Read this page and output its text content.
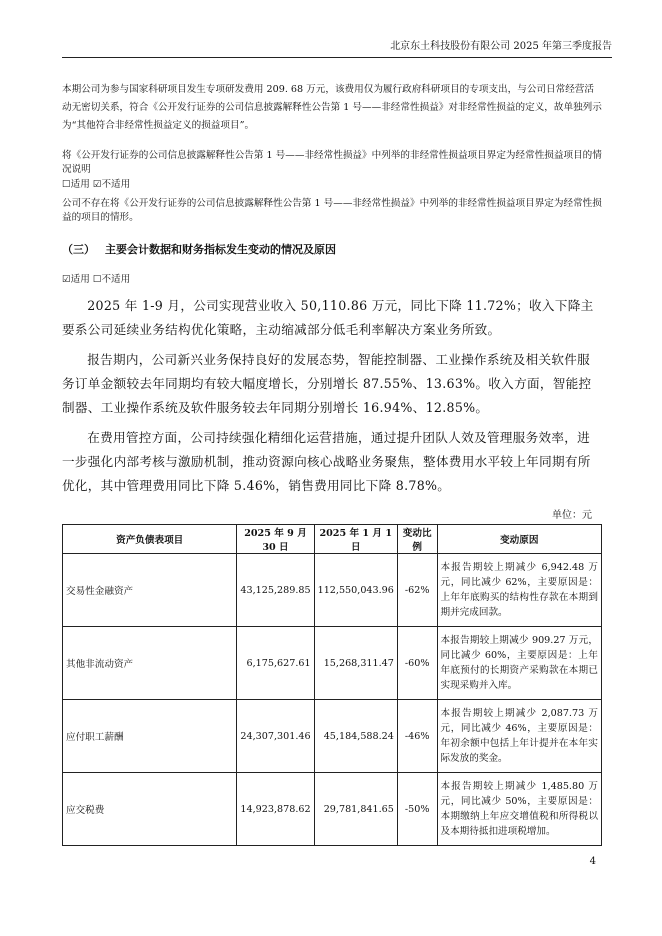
北京东土科技股份有限公司 2025 年第三季度报告
本期公司为参与国家科研项目发生专项研发费用 209. 68 万元，该费用仅为履行政府科研项目的专项支出，与公司日常经营活动无密切关系，符合《公开发行证券的公司信息披露解释性公告第 1 号——非经常性损益》对非经常性损益的定义，故单独列示为“其他符合非经常性损益定义的损益项目”。
将《公开发行证券的公司信息披露解释性公告第 1 号——非经常性损益》中列举的非经常性损益项目界定为经常性损益项目的情况说明
☐适用 ☑不适用
公司不存在将《公开发行证券的公司信息披露解释性公告第 1 号——非经常性损益》中列举的非经常性损益项目界定为经常性损益的项目的情形。
（三） 主要会计数据和财务指标发生变动的情况及原因
☑适用 ☐不适用
2025 年 1-9 月，公司实现营业收入 50,110.86 万元，同比下降 11.72%；收入下降主要系公司延续业务结构优化策略，主动缩减部分低毛利率解决方案业务所致。
报告期内，公司新兴业务保持良好的发展态势，智能控制器、工业操作系统及相关软件服务订单金额较去年同期均有较大幅度增长，分别增长 87.55%、13.63%。收入方面，智能控制器、工业操作系统及软件服务较去年同期分别增长 16.94%、12.85%。
在费用管控方面，公司持续强化精细化运营措施，通过提升团队人效及管理服务效率，进一步强化内部考核与激励机制，推动资源向核心战略业务聚焦，整体费用水平较上年同期有所优化，其中管理费用同比下降 5.46%，销售费用同比下降 8.78%。
单位：元
资产负债表项目	2025 年 9 月 30 日	2025 年 1 月 1 日	变动比例	变动原因
交易性金融资产	43,125,289.85	112,550,043.96	-62%	本报告期较上期减少 6,942.48 万元，同比减少 62%，主要原因是：上年年底购买的结构性存款在本期到期并完成回款。
其他非流动资产	6,175,627.61	15,268,311.47	-60%	本报告期较上期减少 909.27 万元，同比减少 60%，主要原因是：上年年底预付的长期资产采购款在本期已实现采购并入库。
应付职工薪酬	24,307,301.46	45,184,588.24	-46%	本报告期较上期减少 2,087.73 万元，同比减少 46%，主要原因是：年初余额中包括上年计提并在本年实际发放的奖金。
应交税费	14,923,878.62	29,781,841.65	-50%	本报告期较上期减少 1,485.80 万元，同比减少 50%，主要原因是：本期缴纳上年应交增值税和所得税以及本期待抵扣进项税增加。
4
